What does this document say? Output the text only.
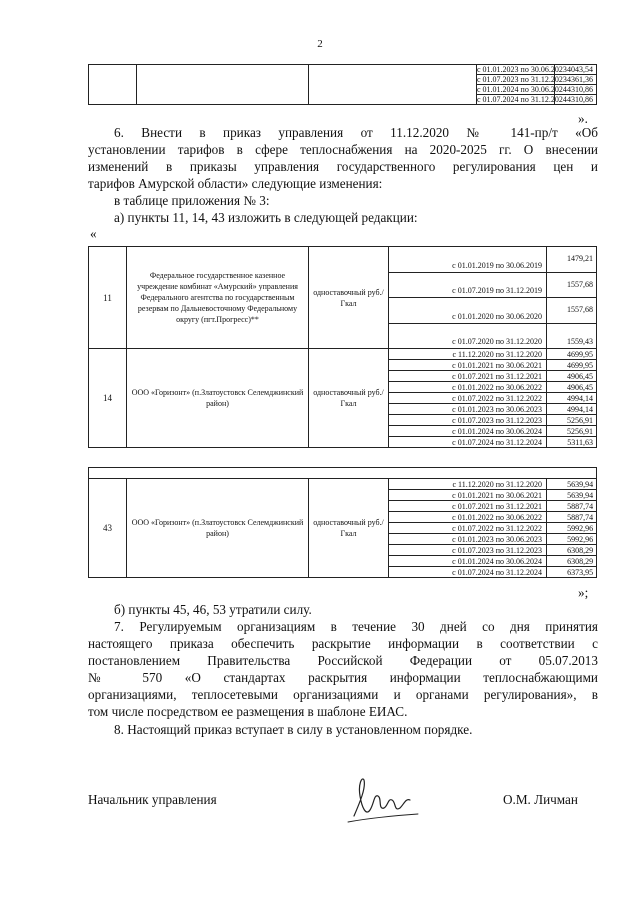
2
			с 01.01.2023 по 30.06.2023	4043,54
			с 01.07.2023 по 31.12.2023	4361,36
			с 01.01.2024 по 30.06.2024	4310,86
			с 01.07.2024 по 31.12.2024	4310,86
».
6. Внести в приказ управления от 11.12.2020 № 141-пр/т «Об
установлении тарифов в сфере теплоснабжения на 2020-2025 гг. О внесении
изменений в приказы управления государственного регулирования цен и
тарифов Амурской области» следующие изменения:
в таблице приложения № 3:
а) пункты 11, 14, 43 изложить в следующей редакции:
«
11	Федеральное государственное казенное учреждение комбинат «Амурский» управления Федерального агентства по государственным резервам по Дальневосточному Федеральному округу (пгт.Прогресс)**	одноставочный руб./Гкал	с 01.01.2019 по 30.06.2019	1479,21
			с 01.07.2019 по 31.12.2019	1557,68
			с 01.01.2020 по 30.06.2020	1557,68
			с 01.07.2020 по 31.12.2020	1559,43
14	ООО «Горизонт» (п.Златоустовск Селемджинский район)	одноставочный руб./Гкал	с 11.12.2020 по 31.12.2020	4699,95
			с 01.01.2021 по 30.06.2021	4699,95
			с 01.07.2021 по 31.12.2021	4906,45
			с 01.01.2022 по 30.06.2022	4906,45
			с 01.07.2022 по 31.12.2022	4994,14
			с 01.01.2023 по 30.06.2023	4994,14
			с 01.07.2023 по 31.12.2023	5256,91
			с 01.01.2024 по 30.06.2024	5256,91
			с 01.07.2024 по 31.12.2024	5311,63

43	ООО «Горизонт» (п.Златоустовск Селемджинский район)	одноставочный руб./Гкал	с 11.12.2020 по 31.12.2020	5639,94
			с 01.01.2021 по 30.06.2021	5639,94
			с 01.07.2021 по 31.12.2021	5887,74
			с 01.01.2022 по 30.06.2022	5887,74
			с 01.07.2022 по 31.12.2022	5992,96
			с 01.01.2023 по 30.06.2023	5992,96
			с 01.07.2023 по 31.12.2023	6308,29
			с 01.01.2024 по 30.06.2024	6308,29
			с 01.07.2024 по 31.12.2024	6373,95
»;
б) пункты 45, 46, 53 утратили силу.
7. Регулируемым организациям в течение 30 дней со дня принятия
настоящего приказа обеспечить раскрытие информации в соответствии с
постановлением Правительства Российской Федерации от 05.07.2013
№ 570 «О стандартах раскрытия информации теплоснабжающими
организациями, теплосетевыми организациями и органами регулирования», в
том числе посредством ее размещения в шаблоне ЕИАС.
8. Настоящий приказ вступает в силу в установленном порядке.
Начальник управления	О.М. Личман
